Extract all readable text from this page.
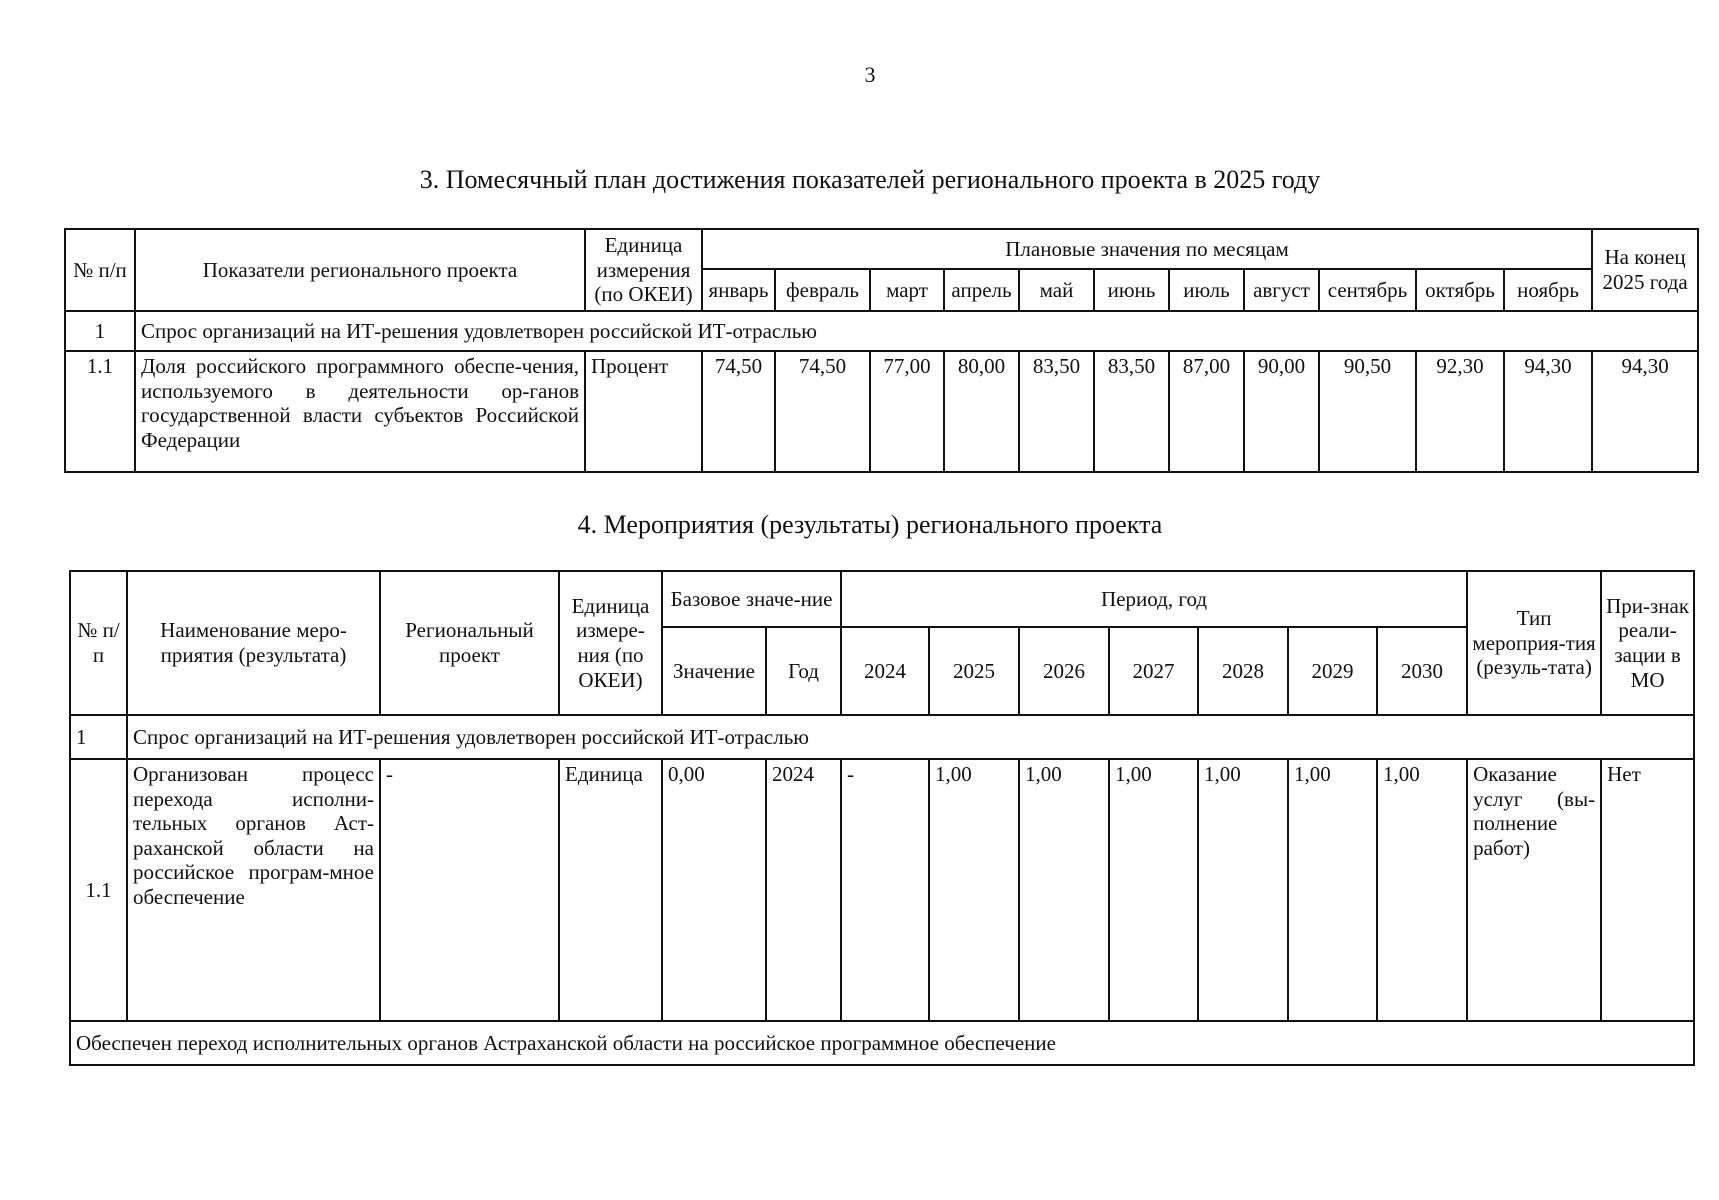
3
3. Помесячный план достижения показателей регионального проекта в 2025 году
№ п/п	Показатели регионального проекта	Единица измерения (по ОКЕИ)	Плановые значения по месяцам											На конец 2025 года
			январь	февраль	март	апрель	май	июнь	июль	август	сентябрь	октябрь	ноябрь	
1	Спрос организаций на ИТ-решения удовлетворен российской ИТ-отраслью													
1.1	Доля российского программного обеспе-чения, используемого в деятельности ор-ганов государственной власти субъектов Российской Федерации	Процент	74,50	74,50	77,00	80,00	83,50	83,50	87,00	90,00	90,50	92,30	94,30	94,30
4. Мероприятия (результаты) регионального проекта
№ п/п	Наименование меро-приятия (результата)	Региональный проект	Единица измере-ния (по ОКЕИ)	Базовое значе-ние		Период, год							Тип мероприя-тия (резуль-тата)	При-знак реали-зации в МО
				Значение	Год	2024	2025	2026	2027	2028	2029	2030		
1	Спрос организаций на ИТ-решения удовлетворен российской ИТ-отраслью													
1.1	Организован процесс перехода исполни-тельных органов Аст-раханской области на российское програм-мное обеспечение	-	Единица	0,00	2024	-	1,00	1,00	1,00	1,00	1,00	1,00	Оказание услуг (вы-полнение работ)	Нет
Обеспечен переход исполнительных органов Астраханской области на российское программное обеспечение														
